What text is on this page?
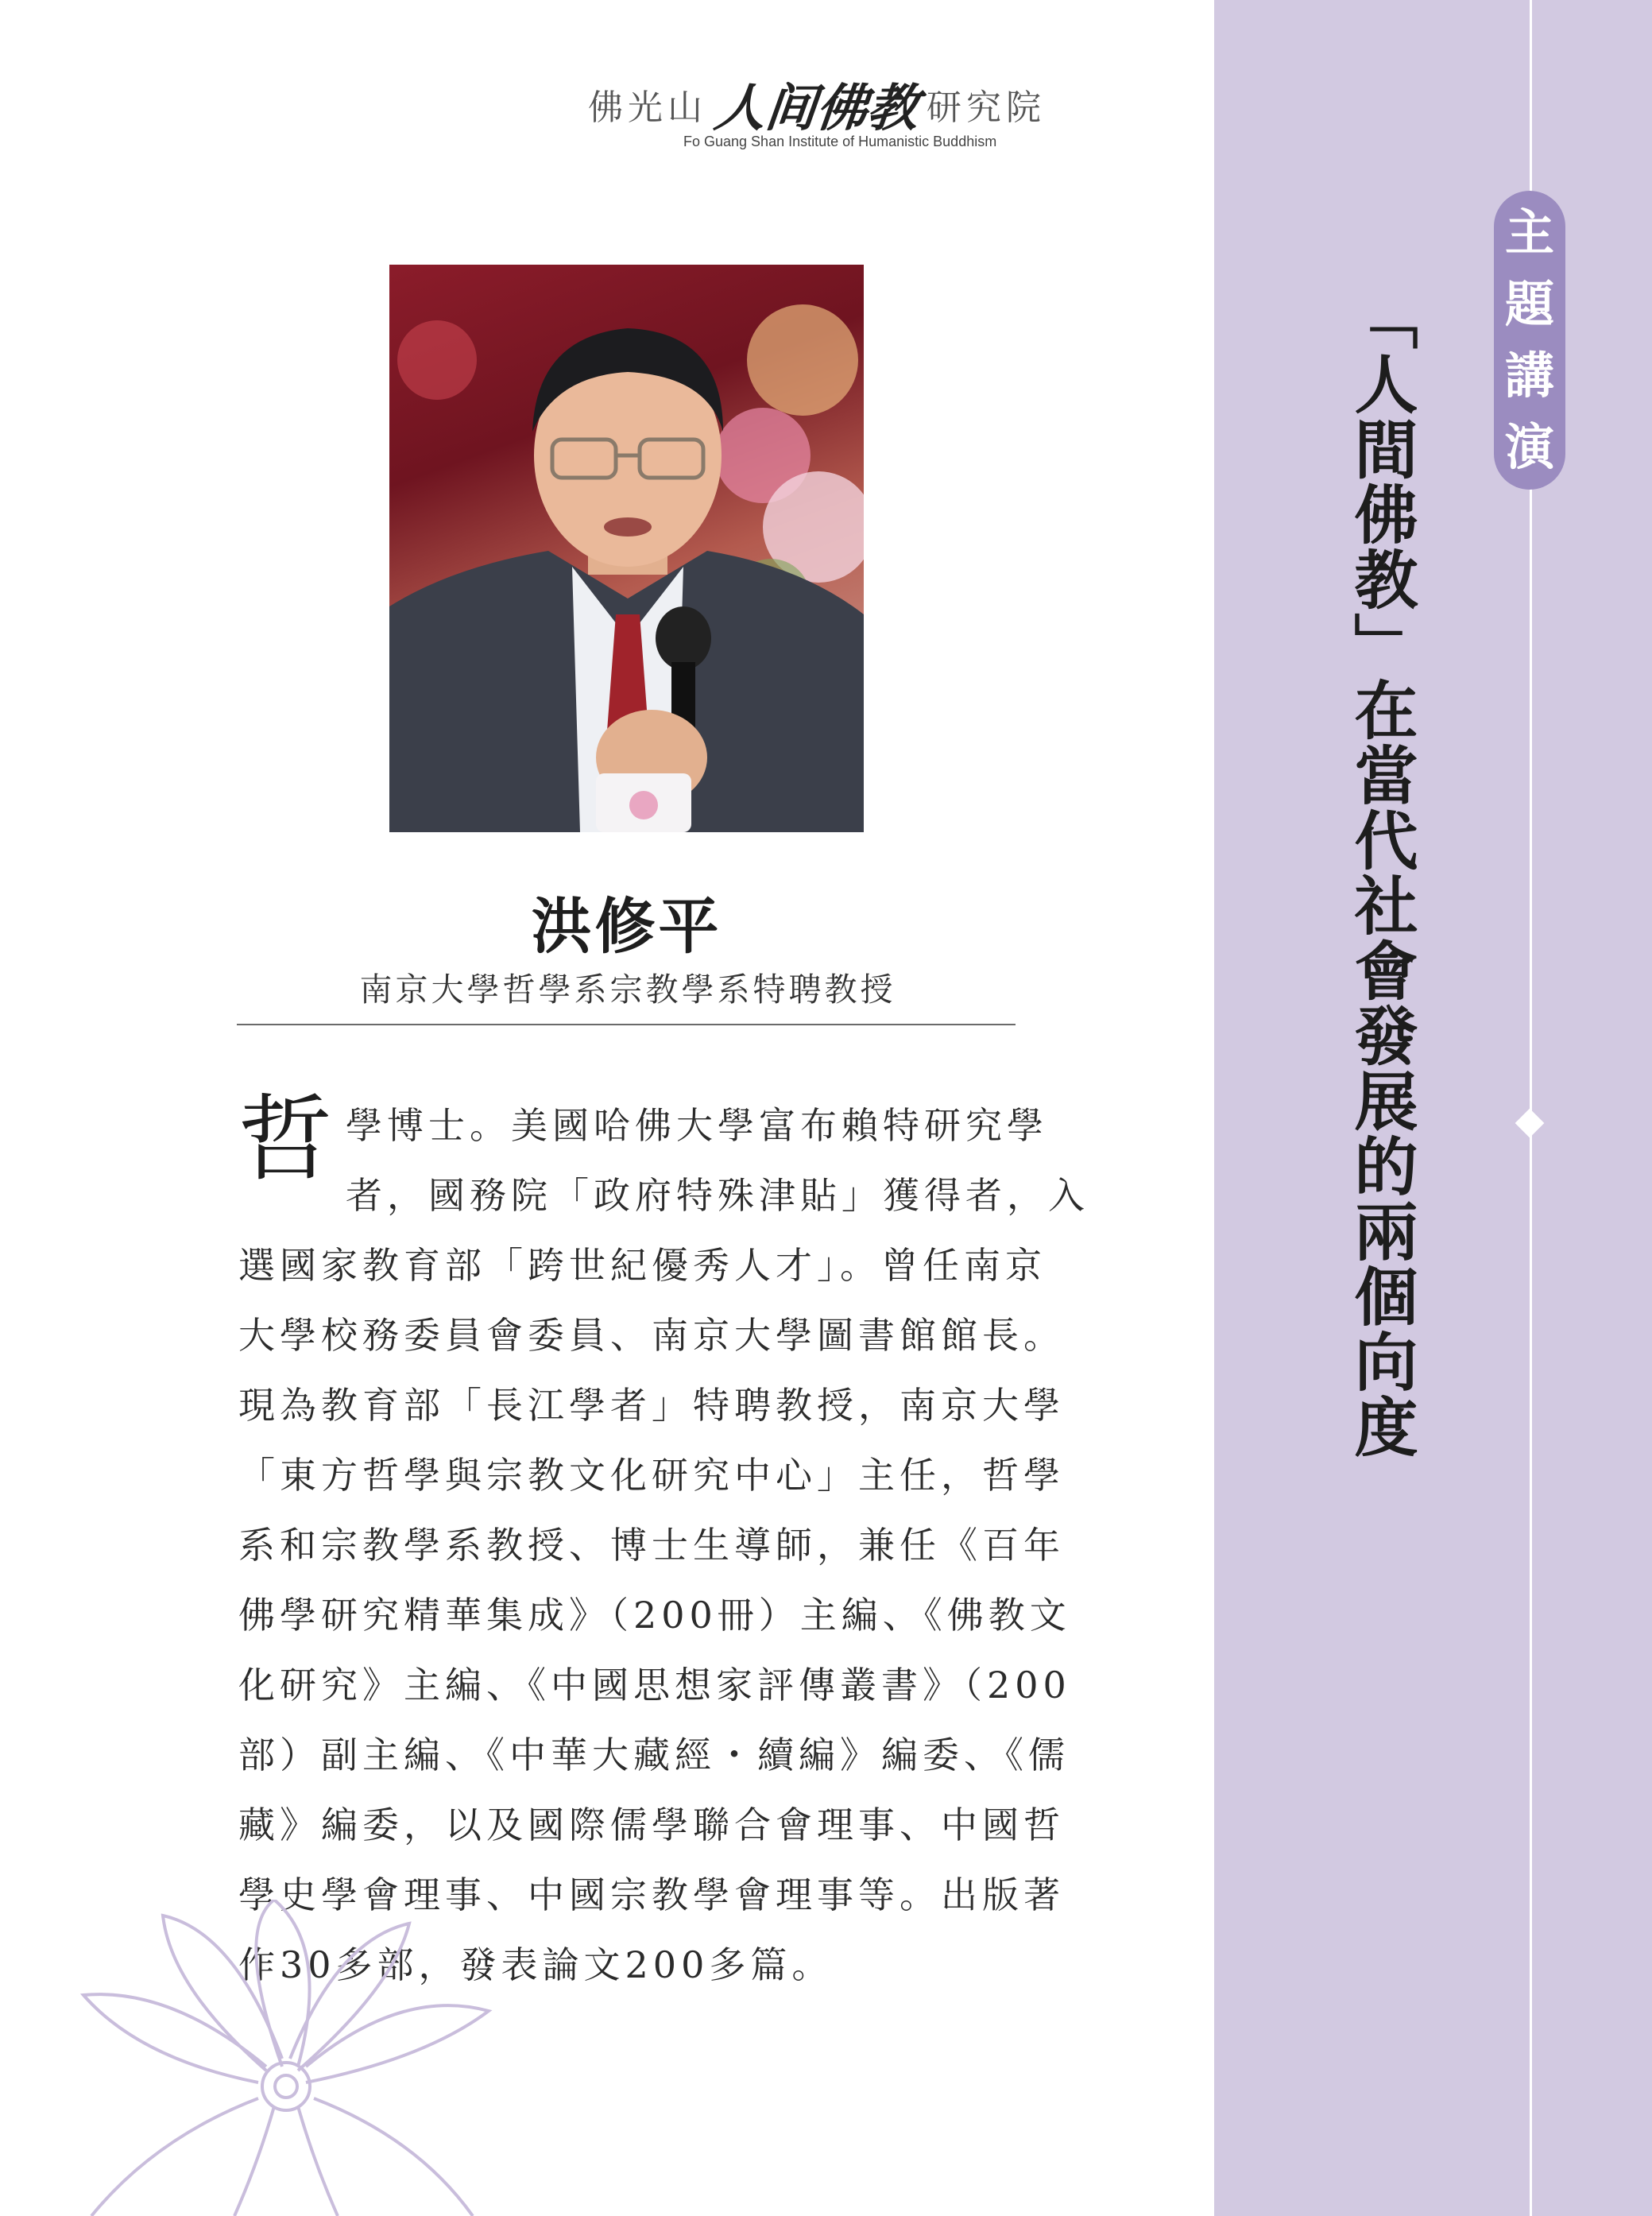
佛光山 人间佛教 研究院
Fo Guang Shan Institute of Humanistic Buddhism
洪修平
南京大學哲學系宗教學系特聘教授
哲 學博士。美國哈佛大學富布賴特研究學
者，國務院「政府特殊津貼」獲得者，入
選國家教育部「跨世紀優秀人才」。曾任南京
大學校務委員會委員、南京大學圖書館館長。
現為教育部「長江學者」特聘教授，南京大學
「東方哲學與宗教文化研究中心」主任，哲學
系和宗教學系教授、博士生導師，兼任《百年
佛學研究精華集成》（200冊）主編、《佛教文
化研究》主編、《中國思想家評傳叢書》（200
部）副主編、《中華大藏經・續編》編委、《儒
藏》編委，以及國際儒學聯合會理事、中國哲
學史學會理事、中國宗教學會理事等。出版著
作30多部，發表論文200多篇。
主
題
講
演
「人間佛教」在當代社會發展的兩個向度
